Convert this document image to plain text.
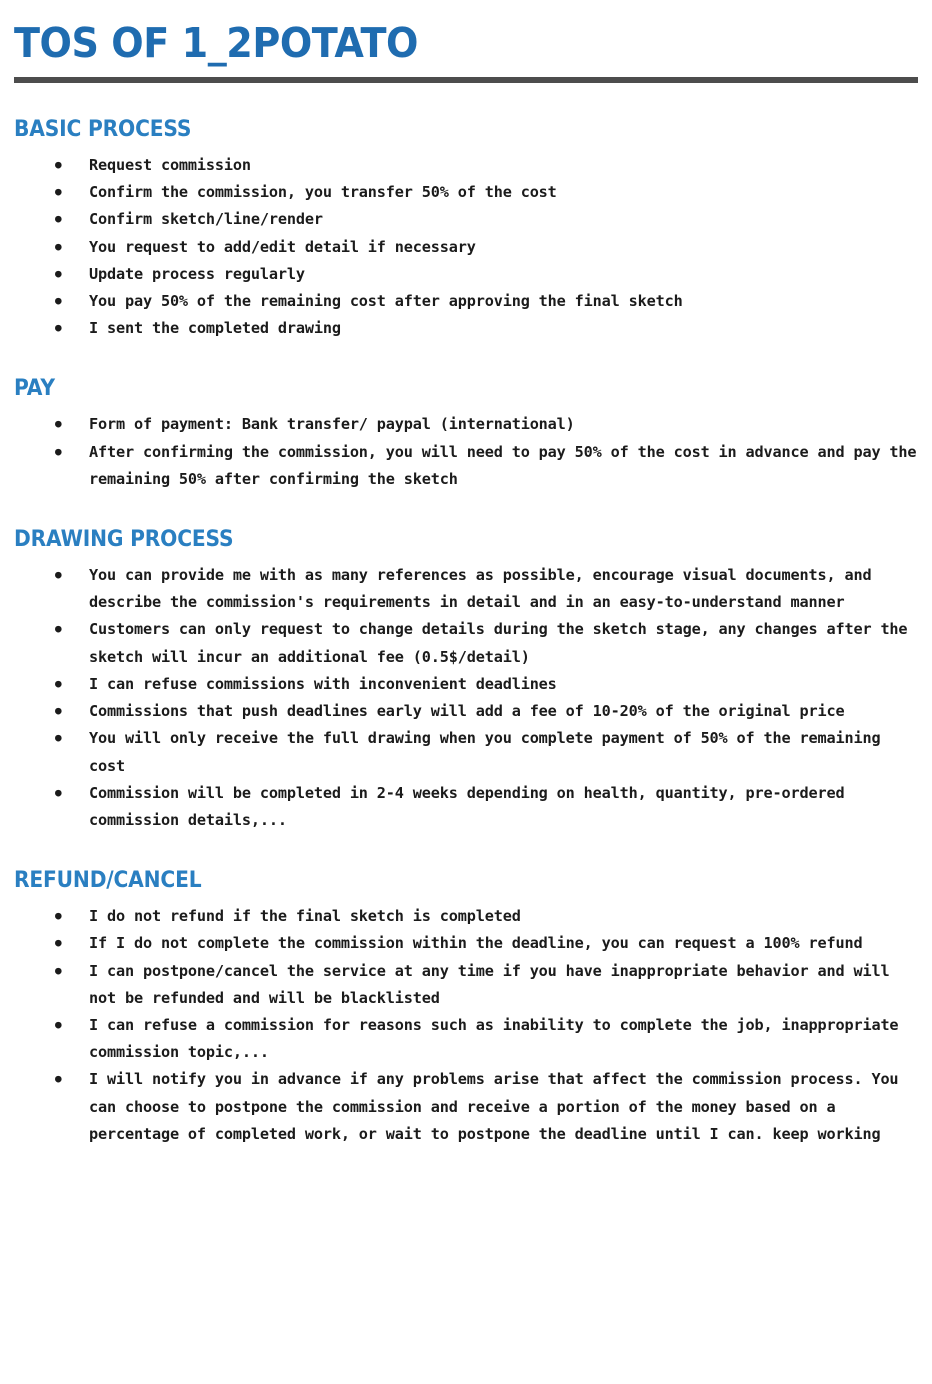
TOS OF 1_2POTATO
BASIC PROCESS
● Request commission
● Confirm the commission, you transfer 50% of the cost
● Confirm sketch/line/render
● You request to add/edit detail if necessary
● Update process regularly
● You pay 50% of the remaining cost after approving the final sketch
● I sent the completed drawing
PAY
● Form of payment: Bank transfer/ paypal (international)
● After confirming the commission, you will need to pay 50% of the cost in advance and pay the remaining 50% after confirming the sketch
DRAWING PROCESS
● You can provide me with as many references as possible, encourage visual documents, and describe the commission's requirements in detail and in an easy-to-understand manner
● Customers can only request to change details during the sketch stage, any changes after the sketch will incur an additional fee (0.5$/detail)
● I can refuse commissions with inconvenient deadlines
● Commissions that push deadlines early will add a fee of 10-20% of the original price
● You will only receive the full drawing when you complete payment of 50% of the remaining cost
● Commission will be completed in 2-4 weeks depending on health, quantity, pre-ordered commission details,...
REFUND/CANCEL
● I do not refund if the final sketch is completed
● If I do not complete the commission within the deadline, you can request a 100% refund
● I can postpone/cancel the service at any time if you have inappropriate behavior and will not be refunded and will be blacklisted
● I can refuse a commission for reasons such as inability to complete the job, inappropriate commission topic,...
● I will notify you in advance if any problems arise that affect the commission process. You can choose to postpone the commission and receive a portion of the money based on a percentage of completed work, or wait to postpone the deadline until I can. keep working
